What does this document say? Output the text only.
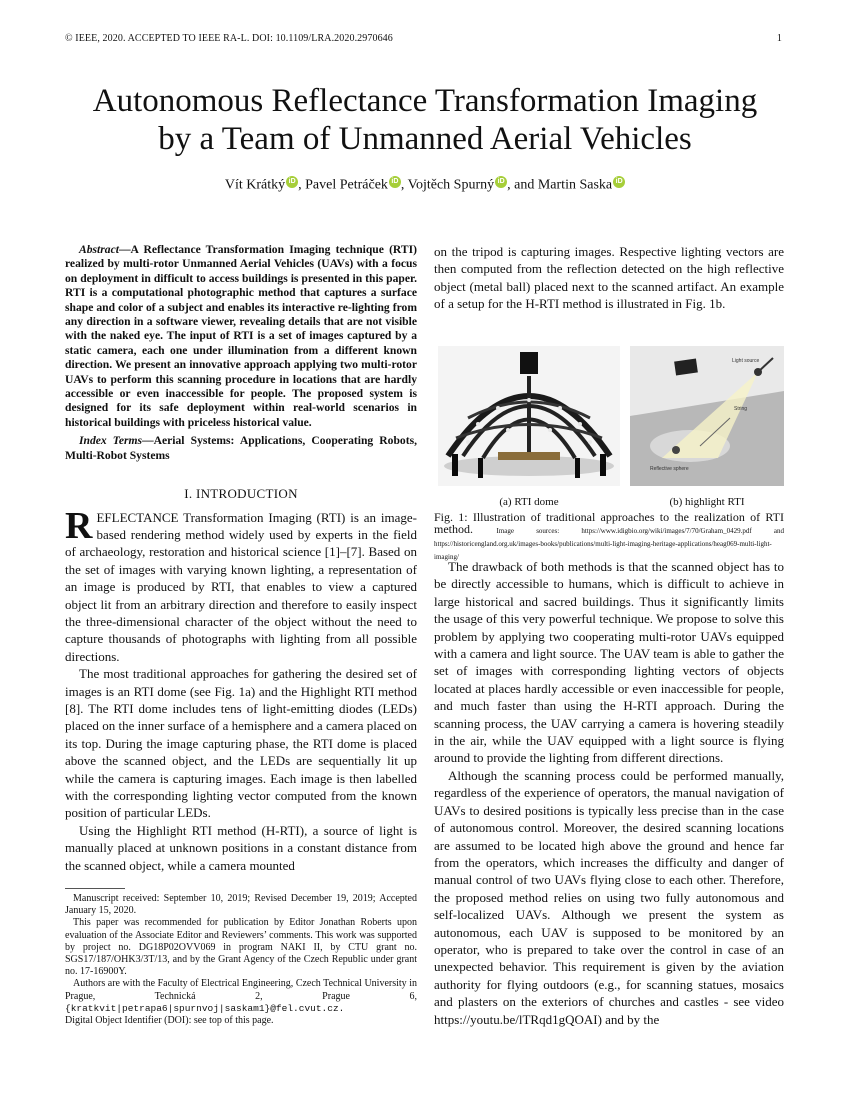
© IEEE, 2020. ACCEPTED TO IEEE RA-L. DOI: 10.1109/LRA.2020.2970646	1
Autonomous Reflectance Transformation Imaging
by a Team of Unmanned Aerial Vehicles
Vít Krátký iD , Pavel Petráček iD , Vojtěch Spurný iD , and Martin Saska iD

Abstract—A Reflectance Transformation Imaging technique (RTI) realized by multi-rotor Unmanned Aerial Vehicles (UAVs) with a focus on deployment in difficult to access buildings is presented in this paper. RTI is a computational photographic method that captures a surface shape and color of a subject and enables its interactive re-lighting from any direction in a software viewer, revealing details that are not visible with the naked eye. The input of RTI is a set of images captured by a static camera, each one under illumination from a different known direction. We present an innovative approach applying two multi-rotor UAVs to perform this scanning procedure in locations that are hardly accessible or even inaccessible for people. The proposed system is designed for its safe deployment within real-world scenarios in historical buildings with priceless historical value.

Index Terms—Aerial Systems: Applications, Cooperating Robots, Multi-Robot Systems

I. INTRODUCTION

REFLECTANCE Transformation Imaging (RTI) is an image-based rendering method widely used by experts in the field of archaeology, restoration and historical science [1]–[7]. Based on the set of images with varying known lighting, a representation of an image is produced by RTI, that enables to view a captured object lit from an arbitrary direction and therefore to easily inspect the three-dimensional character of the object without the need to capture thousands of photographs with lighting from all possible directions.

The most traditional approaches for gathering the desired set of images is an RTI dome (see Fig. 1a) and the Highlight RTI method [8]. The RTI dome includes tens of light-emitting diodes (LEDs) placed on the inner surface of a hemisphere and a camera placed on its top. During the image capturing phase, the RTI dome is placed above the scanned object, and the LEDs are sequentially lit up while the camera is capturing images. Each image is then labelled with the corresponding lighting vector computed from the known position of particular LEDs.

Using the Highlight RTI method (H-RTI), a source of light is manually placed at unknown positions in a constant distance from the scanned object, while a camera mounted

Manuscript received: September 10, 2019; Revised December 19, 2019; Accepted January 15, 2020.

This paper was recommended for publication by Editor Jonathan Roberts upon evaluation of the Associate Editor and Reviewers’ comments. This work was supported by project no. DG18P02OVV069 in program NAKI II, by CTU grant no. SGS17/187/OHK3/3T/13, and by the Grant Agency of the Czech Republic under grant no. 17-16900Y.

Authors are with the Faculty of Electrical Engineering, Czech Technical University in Prague, Technická 2, Prague 6, {kratkvit|petrapa6|spurnvoj|saskam1}@fel.cvut.cz.

Digital Object Identifier (DOI): see top of this page.

on the tripod is capturing images. Respective lighting vectors are then computed from the reflection detected on the high reflective object (metal ball) placed next to the scanned artifact. An example of a setup for the H-RTI method is illustrated in Fig. 1b.

Light source
String
Reflective sphere
(a) RTI dome	(b) highlight RTI
Fig. 1: Illustration of traditional approaches to the realization of RTI method.	Image sources: https://www.idigbio.org/wiki/images/7/70/Graham_0429.pdf and https://historicengland.org.uk/images-books/publications/multi-light-imaging-heritage-applications/heag069-multi-light-imaging/

The drawback of both methods is that the scanned object has to be directly accessible to humans, which is difficult to achieve in large historical and sacred buildings. Thus it significantly limits the usage of this very powerful technique. We propose to solve this problem by applying two cooperating multi-rotor UAVs equipped with a camera and light source. The UAV team is able to gather the set of images with corresponding lighting vectors of objects located at places hardly accessible or even inaccessible for people, and much faster than using the H-RTI approach. During the scanning process, the UAV carrying a camera is hovering steadily in the air, while the UAV equipped with a light source is flying around to provide the lighting from different directions.

Although the scanning process could be performed manually, regardless of the experience of operators, the manual navigation of UAVs to desired positions is typically less precise than in the case of autonomous control. Moreover, the desired scanning locations are assumed to be located high above the ground and hence far from the operators, which increases the difficulty and danger of manual control of two UAVs flying close to each other. Therefore, the proposed method relies on using two fully autonomous and self-localized UAVs. Although we present the system as autonomous, each UAV is supposed to be monitored by an operator, who is prepared to take over the control in case of an unexpected behavior. This requirement is given by the aviation authority for flying outdoors (e.g., for scanning statues, mosaics and plasters on the exteriors of churches and castles - see video https://youtu.be/lTRqd1gQOAI) and by the
